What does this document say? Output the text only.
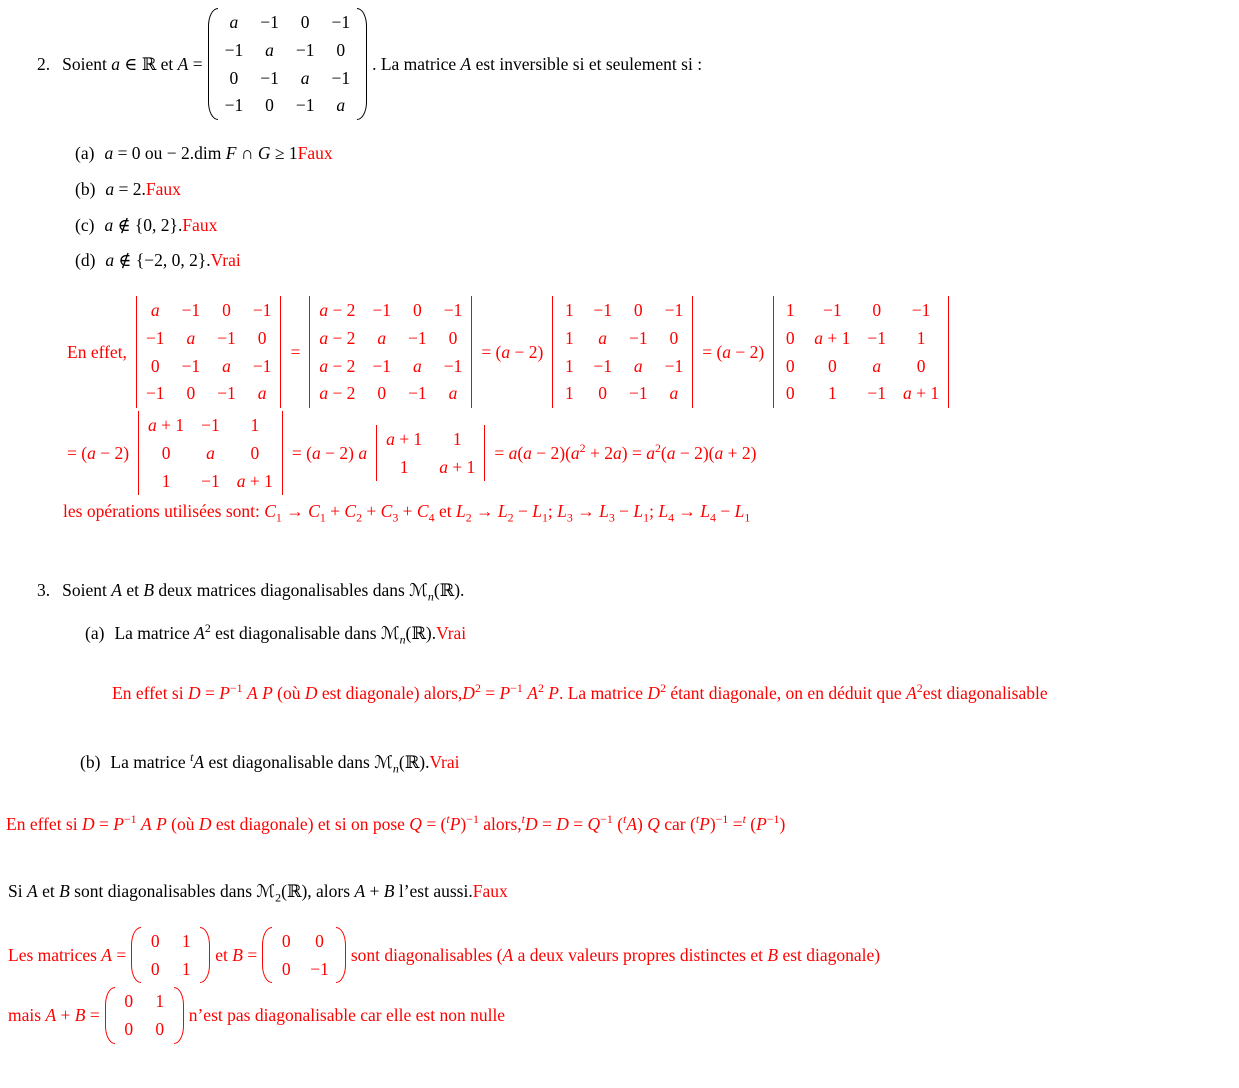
2. Soient a ∈ ℝ et A =
a −1 0 −1
−1 a −1 0
0 −1 a −1
−1 0 −1 a
. La matrice A est inversible si et seulement si :
(a) a = 0 ou − 2.dim F ∩ G ≥ 1 Faux
(b) a = 2. Faux
(c) a ∉ {0, 2}. Faux
(d) a ∉ {−2, 0, 2}. Vrai
En effet,
a −1 0 −1
−1 a −1 0
0 −1 a −1
−1 0 −1 a
=
a − 2 −1 0 −1
a − 2 a −1 0
a − 2 −1 a −1
a − 2 0 −1 a
= (a − 2)
1 −1 0 −1
1 a −1 0
1 −1 a −1
1 0 −1 a
= (a − 2)
1	−1	0	−1
0 a + 1 −1	1
0	0	a	0
0	1	−1 a + 1
= (a − 2)
a + 1 −1	1
0	a	0
1	−1 a + 1
= (a − 2) a
a + 1	1
1	a + 1
= $a(a - 2)(a^2 + 2a) = a^2(a - 2)(a + 2)$
les opérations utilisées sont: $C_1 \to C_1 + C_2 + C_3 + C_4$ et $L_2 \to L_2 - L_1$; $L_3 \to L_3 - L_1$; $L_4 \to L_4 - L_1$
3. Soient A et B deux matrices diagonalisables dans ℳ$_n$(ℝ).
(a) La matrice $A^2$ est diagonalisable dans ℳ$_n$(ℝ). Vrai
En effet si $D = P^{-1}$ A P (où D est diagonale) $alors,D^2 = P^{-1}$ $A^2$ P. La matrice $D^2$ étant diagonale, on en déduit que $A^2est$ diagonalisable
(b) La matrice $^t$A est diagonalisable dans ℳ$_n$(ℝ). Vrai
En effet si $D = P^{-1}$ A P (où D est diagonale) et si on pose $Q = (^tP)^{-1}$ alors,$^t$D = $D = Q^{-1}$ ($^t$A) Q car $(^tP)^{-1} =^t$ $(P^{-1})$
Si A et B sont diagonalisables dans ℳ$_2$(ℝ), alors A + B l’est aussi.Faux
Les matrices A =
0 1
0 1
et B =
0 0
0 −1
sont diagonalisables (A a deux valeurs propres distinctes et B est diagonale)
mais A + B =
0 1
0 0
n’est pas diagonalisable car elle est non nulle
